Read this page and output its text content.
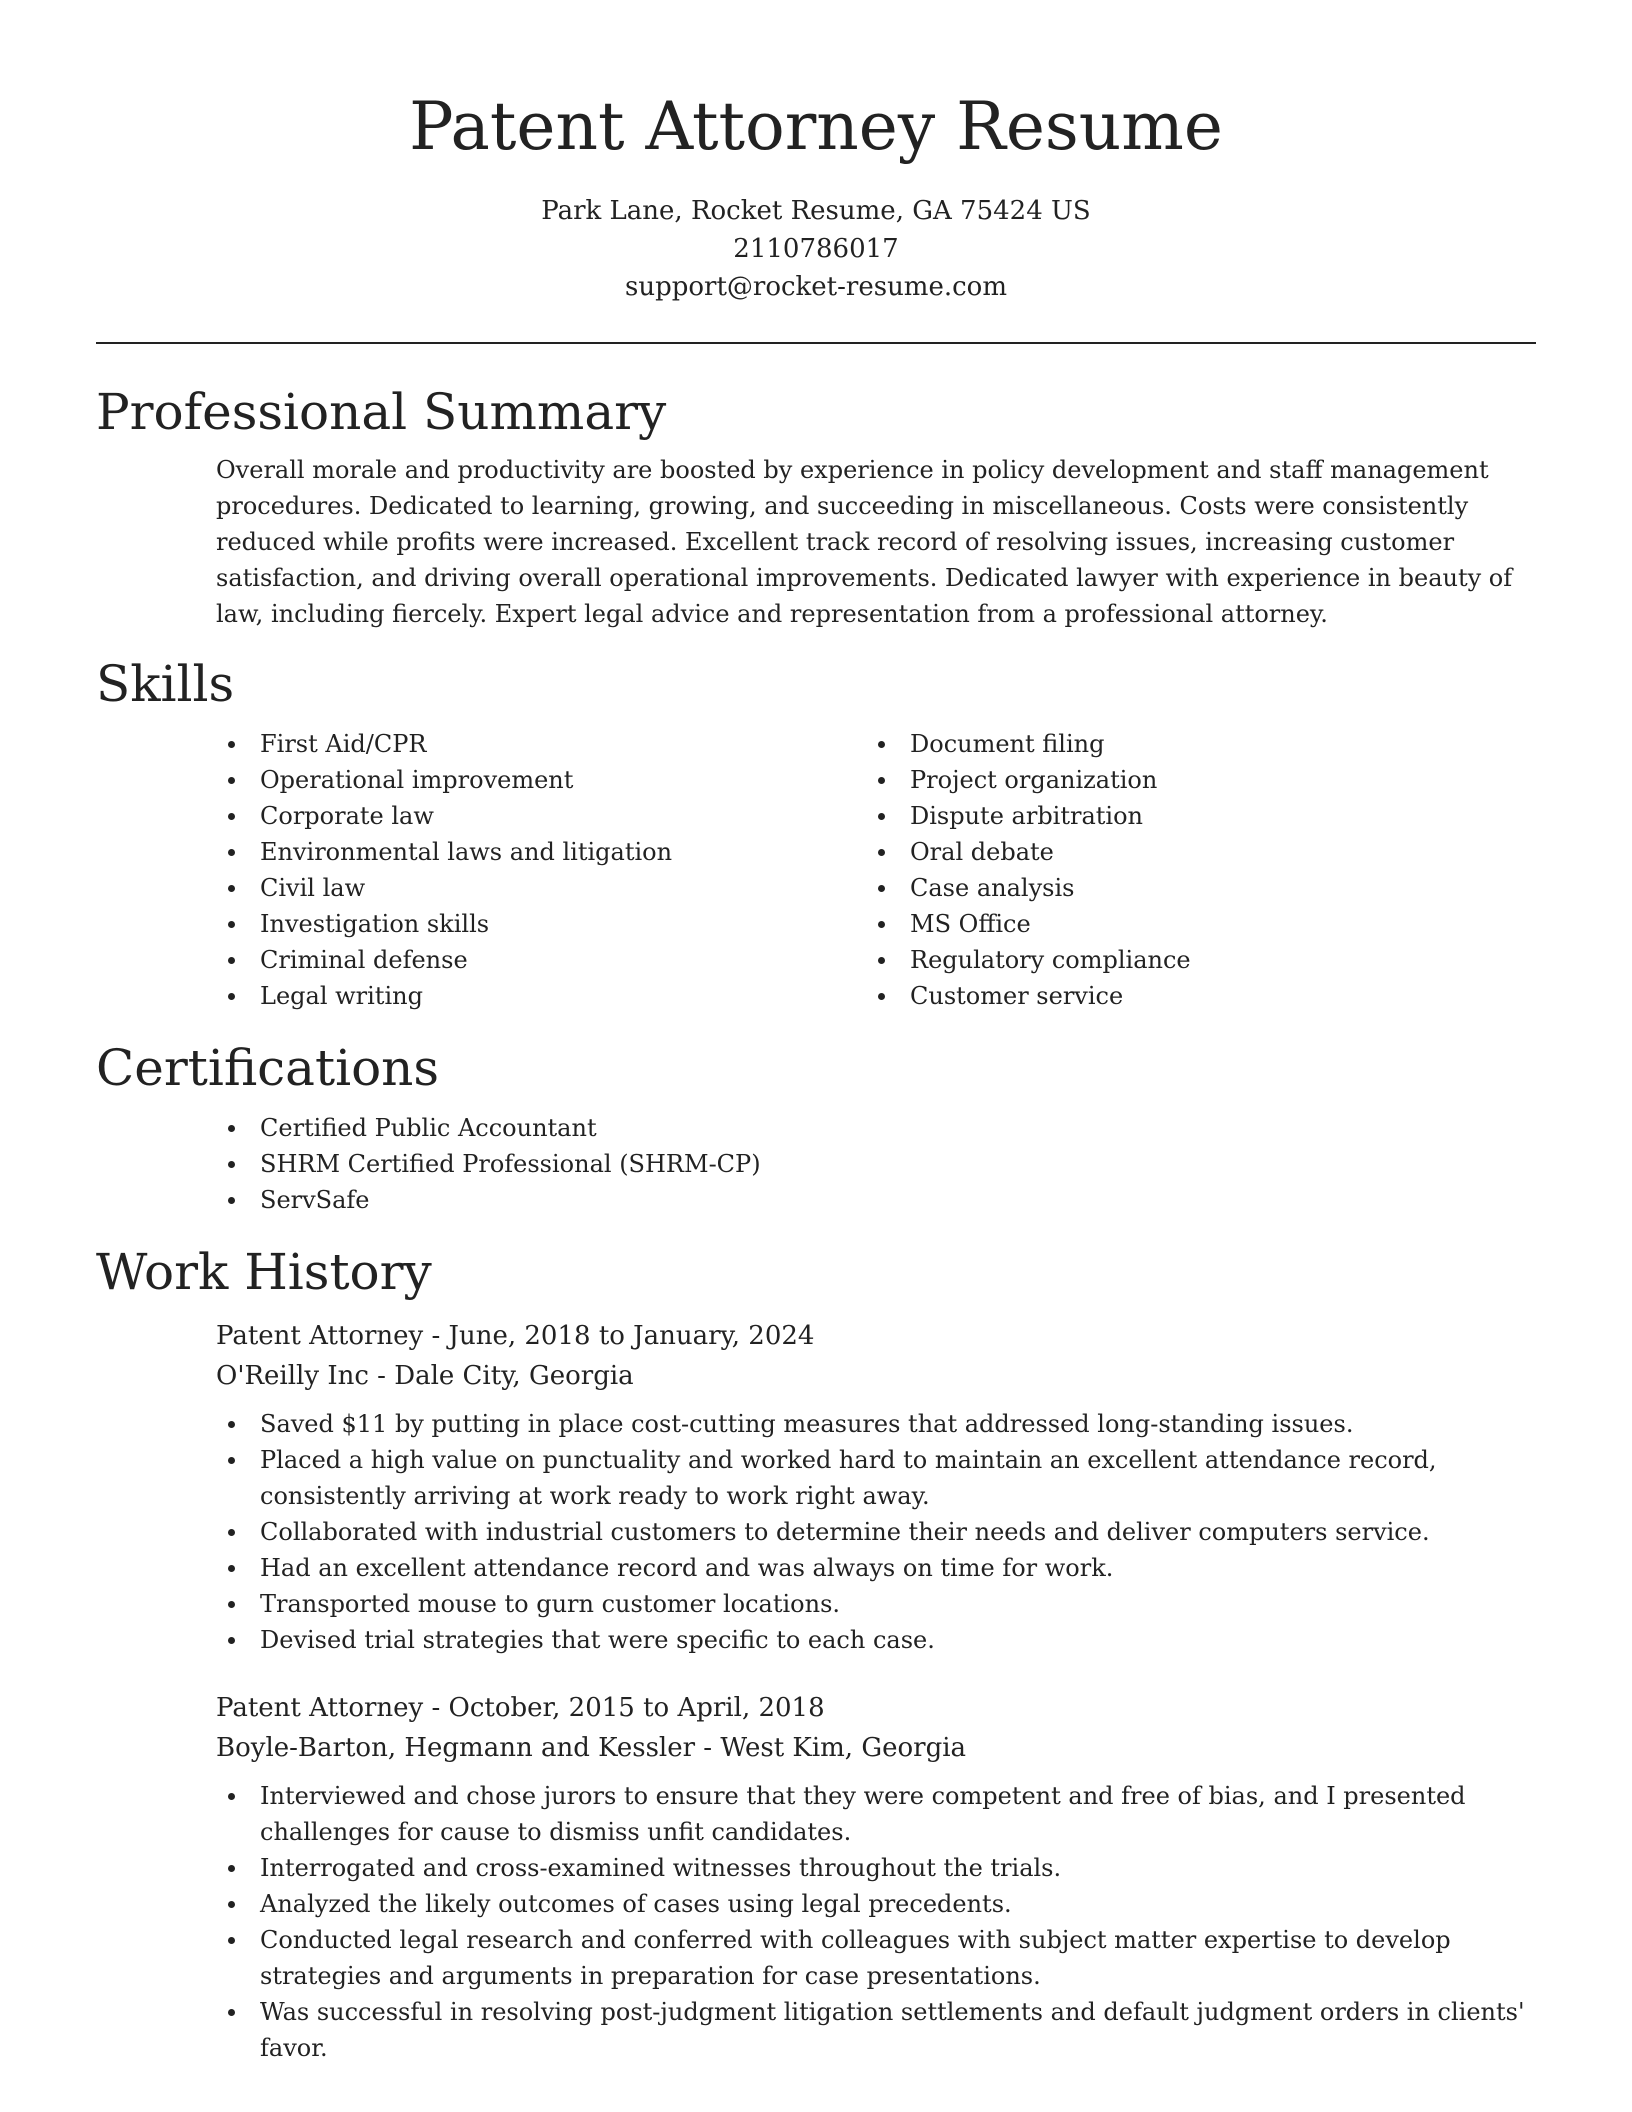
Patent Attorney Resume
Park Lane, Rocket Resume, GA 75424 US
2110786017
support@rocket-resume.com
Professional Summary
Overall morale and productivity are boosted by experience in policy development and staff management procedures. Dedicated to learning, growing, and succeeding in miscellaneous. Costs were consistently reduced while profits were increased. Excellent track record of resolving issues, increasing customer satisfaction, and driving overall operational improvements. Dedicated lawyer with experience in beauty of law, including fiercely. Expert legal advice and representation from a professional attorney.
Skills
First Aid/CPR
Operational improvement
Corporate law
Environmental laws and litigation
Civil law
Investigation skills
Criminal defense
Legal writing
Document filing
Project organization
Dispute arbitration
Oral debate
Case analysis
MS Office
Regulatory compliance
Customer service
Certifications
Certified Public Accountant
SHRM Certified Professional (SHRM-CP)
ServSafe
Work History
Patent Attorney - June, 2018 to January, 2024
O'Reilly Inc - Dale City, Georgia
Saved $11 by putting in place cost-cutting measures that addressed long-standing issues.
Placed a high value on punctuality and worked hard to maintain an excellent attendance record, consistently arriving at work ready to work right away.
Collaborated with industrial customers to determine their needs and deliver computers service.
Had an excellent attendance record and was always on time for work.
Transported mouse to gurn customer locations.
Devised trial strategies that were specific to each case.
Patent Attorney - October, 2015 to April, 2018
Boyle-Barton, Hegmann and Kessler - West Kim, Georgia
Interviewed and chose jurors to ensure that they were competent and free of bias, and I presented challenges for cause to dismiss unfit candidates.
Interrogated and cross-examined witnesses throughout the trials.
Analyzed the likely outcomes of cases using legal precedents.
Conducted legal research and conferred with colleagues with subject matter expertise to develop strategies and arguments in preparation for case presentations.
Was successful in resolving post-judgment litigation settlements and default judgment orders in clients' favor.
